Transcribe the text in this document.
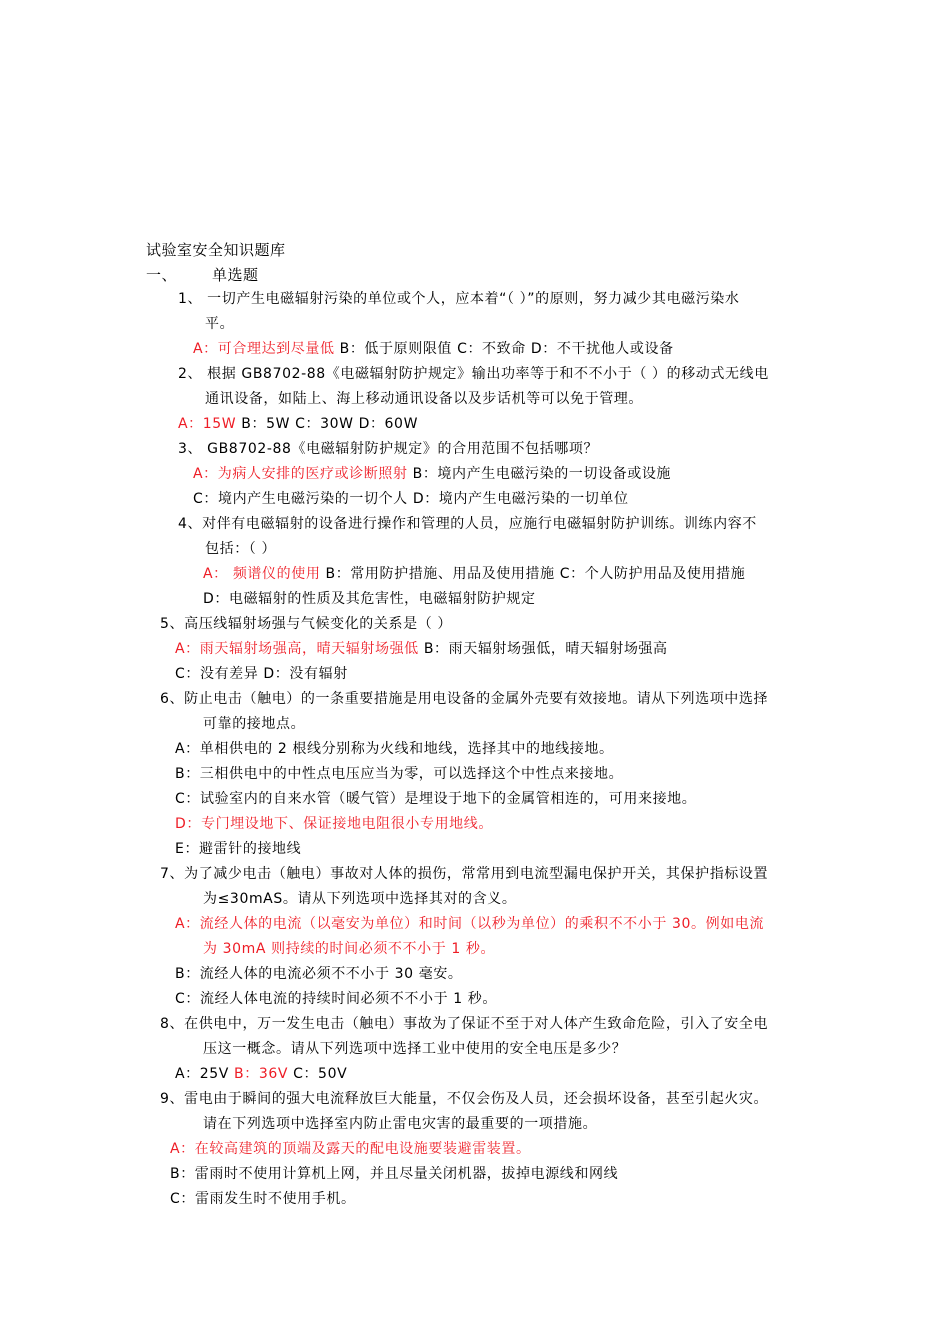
试验室安全知识题库
一、 单选题
1、 一切产生电磁辐射污染的单位或个人，应本着“（ ）”的原则，努力减少其电磁污染水
平。
A：可合理达到尽量低 B：低于原则限值 C：不致命 D：不干扰他人或设备
2、 根据 GB8702-88《电磁辐射防护规定》输出功率等于和不不小于（ ）的移动式无线电
通讯设备，如陆上、海上移动通讯设备以及步话机等可以免于管理。
A：15W B：5W C：30W D：60W
3、 GB8702-88《电磁辐射防护规定》的合用范围不包括哪项？
A：为病人安排的医疗或诊断照射 B：境内产生电磁污染的一切设备或设施
C：境内产生电磁污染的一切个人 D：境内产生电磁污染的一切单位
4、对伴有电磁辐射的设备进行操作和管理的人员，应施行电磁辐射防护训练。训练内容不
包括：（ ）
A： 频谱仪的使用 B：常用防护措施、用品及使用措施 C：个人防护用品及使用措施
D：电磁辐射的性质及其危害性，电磁辐射防护规定
5、高压线辐射场强与气候变化的关系是（ ）
A：雨天辐射场强高，晴天辐射场强低 B：雨天辐射场强低，晴天辐射场强高
C：没有差异 D：没有辐射
6、防止电击（触电）的一条重要措施是用电设备的金属外壳要有效接地。请从下列选项中选择
可靠的接地点。
A：单相供电的 2 根线分别称为火线和地线，选择其中的地线接地。
B：三相供电中的中性点电压应当为零，可以选择这个中性点来接地。
C：试验室内的自来水管（暖气管）是埋设于地下的金属管相连的，可用来接地。
D：专门埋设地下、保证接地电阻很小专用地线。
E：避雷针的接地线
7、为了减少电击（触电）事故对人体的损伤，常常用到电流型漏电保护开关，其保护指标设置
为≤30mAS。请从下列选项中选择其对的含义。
A：流经人体的电流（以毫安为单位）和时间（以秒为单位）的乘积不不小于 30。例如电流
为 30mA 则持续的时间必须不不小于 1 秒。
B：流经人体的电流必须不不小于 30 毫安。
C：流经人体电流的持续时间必须不不小于 1 秒。
8、在供电中，万一发生电击（触电）事故为了保证不至于对人体产生致命危险，引入了安全电
压这一概念。请从下列选项中选择工业中使用的安全电压是多少？
A：25V B：36V C：50V
9、雷电由于瞬间的强大电流释放巨大能量，不仅会伤及人员，还会损坏设备，甚至引起火灾。
请在下列选项中选择室内防止雷电灾害的最重要的一项措施。
A：在较高建筑的顶端及露天的配电设施要装避雷装置。
B：雷雨时不使用计算机上网，并且尽量关闭机器，拔掉电源线和网线
C：雷雨发生时不使用手机。
